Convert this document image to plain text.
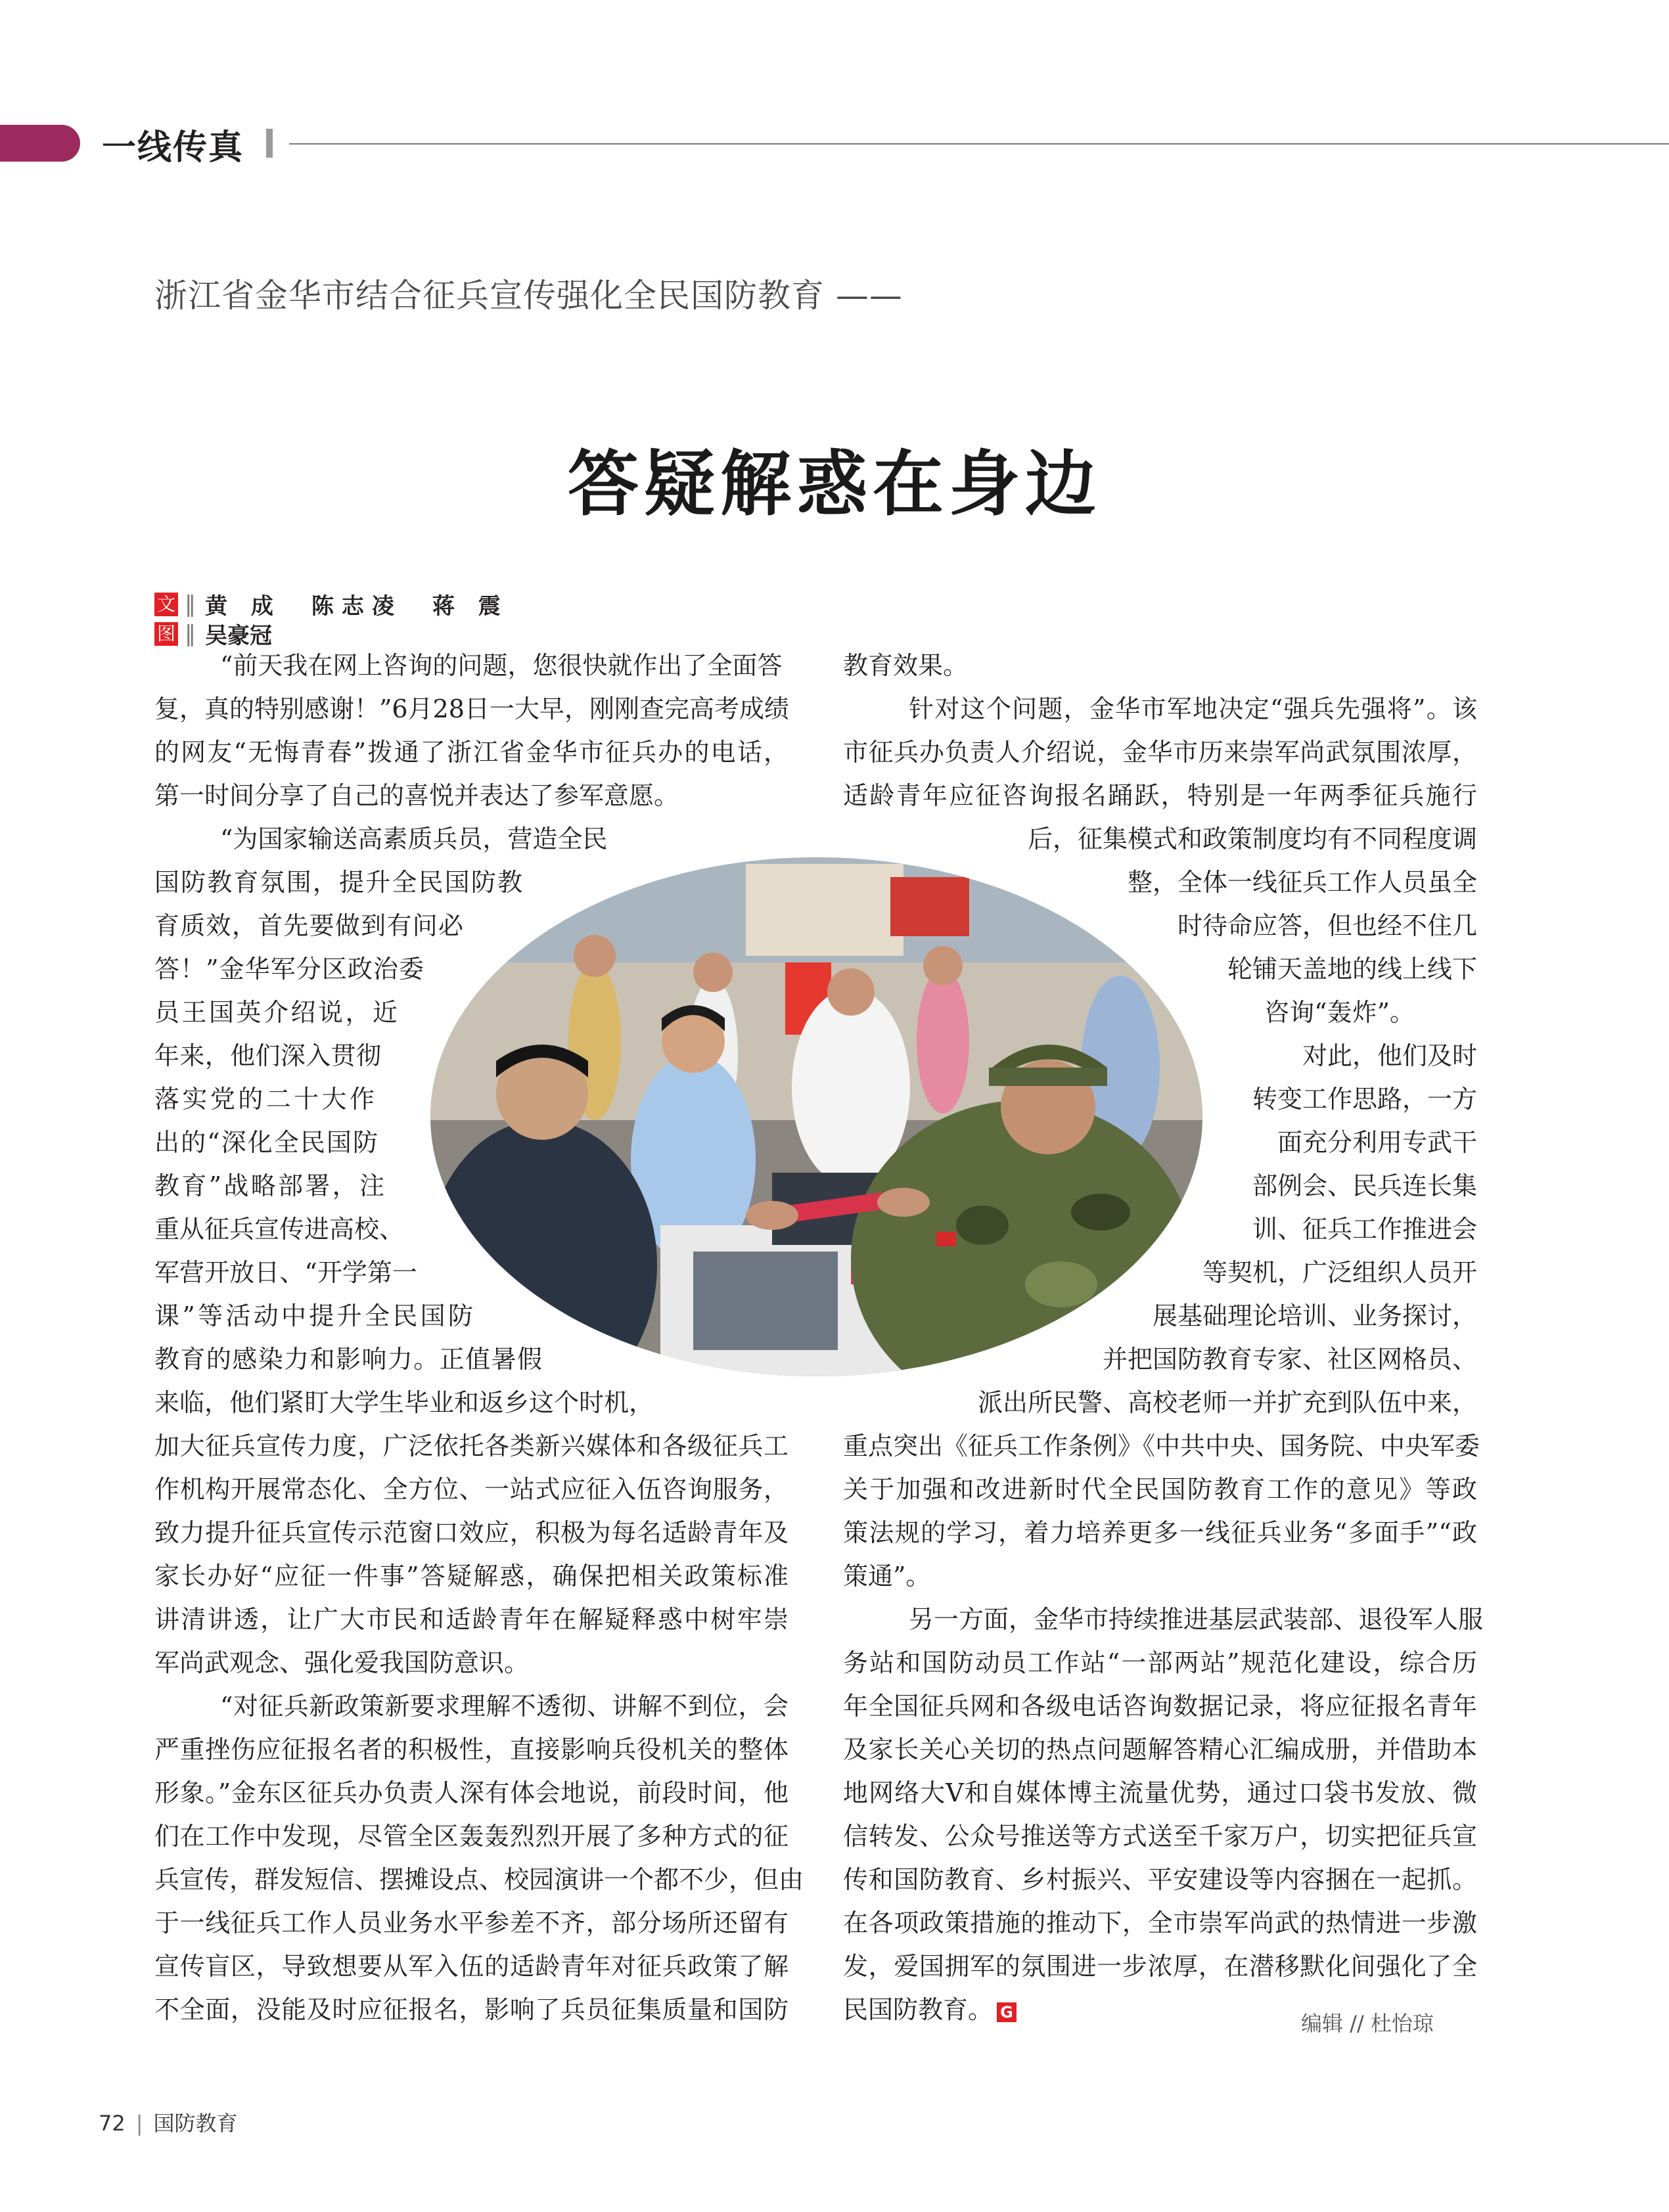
一线传真
浙江省金华市结合征兵宣传强化全民国防教育 ——
答疑解惑在身边
文 ‖ 黄 成　陈志凌　蒋 震
图 ‖ 吴豪冠
“前天我在网上咨询的问题，您很快就作出了全面答
复，真的特别感谢！”6月28日一大早，刚刚查完高考成绩
的网友“无悔青春”拨通了浙江省金华市征兵办的电话，
第一时间分享了自己的喜悦并表达了参军意愿。
“为国家输送高素质兵员，营造全民
国防教育氛围，提升全民国防教
育质效，首先要做到有问必
答！”金华军分区政治委
员王国英介绍说，近
年来，他们深入贯彻
落实党的二十大作
出的“深化全民国防
教育”战略部署，注
重从征兵宣传进高校、
军营开放日、“开学第一
课”等活动中提升全民国防
教育的感染力和影响力。正值暑假
来临，他们紧盯大学生毕业和返乡这个时机，
加大征兵宣传力度，广泛依托各类新兴媒体和各级征兵工
作机构开展常态化、全方位、一站式应征入伍咨询服务，
致力提升征兵宣传示范窗口效应，积极为每名适龄青年及
家长办好“应征一件事”答疑解惑，确保把相关政策标准
讲清讲透，让广大市民和适龄青年在解疑释惑中树牢崇
军尚武观念、强化爱我国防意识。
“对征兵新政策新要求理解不透彻、讲解不到位，会
严重挫伤应征报名者的积极性，直接影响兵役机关的整体
形象。”金东区征兵办负责人深有体会地说，前段时间，他
们在工作中发现，尽管全区轰轰烈烈开展了多种方式的征
兵宣传，群发短信、摆摊设点、校园演讲一个都不少，但由
于一线征兵工作人员业务水平参差不齐，部分场所还留有
宣传盲区，导致想要从军入伍的适龄青年对征兵政策了解
不全面，没能及时应征报名，影响了兵员征集质量和国防
教育效果。
针对这个问题，金华市军地决定“强兵先强将”。该
市征兵办负责人介绍说，金华市历来崇军尚武氛围浓厚，
适龄青年应征咨询报名踊跃，特别是一年两季征兵施行
后，征集模式和政策制度均有不同程度调
整，全体一线征兵工作人员虽全
时待命应答，但也经不住几
轮铺天盖地的线上线下
咨询“轰炸”。
对此，他们及时
转变工作思路，一方
面充分利用专武干
部例会、民兵连长集
训、征兵工作推进会
等契机，广泛组织人员开
展基础理论培训、业务探讨，
并把国防教育专家、社区网格员、
派出所民警、高校老师一并扩充到队伍中来，
重点突出《征兵工作条例》《中共中央、国务院、中央军委
关于加强和改进新时代全民国防教育工作的意见》等政
策法规的学习，着力培养更多一线征兵业务“多面手”“政
策通”。
另一方面，金华市持续推进基层武装部、退役军人服
务站和国防动员工作站“一部两站”规范化建设，综合历
年全国征兵网和各级电话咨询数据记录，将应征报名青年
及家长关心关切的热点问题解答精心汇编成册，并借助本
地网络大V和自媒体博主流量优势，通过口袋书发放、微
信转发、公众号推送等方式送至千家万户，切实把征兵宣
传和国防教育、乡村振兴、平安建设等内容捆在一起抓。
在各项政策措施的推动下，全市崇军尚武的热情进一步激
发，爱国拥军的氛围进一步浓厚，在潜移默化间强化了全
民国防教育。 G	编辑 // 杜怡琼
72 | 国防教育
